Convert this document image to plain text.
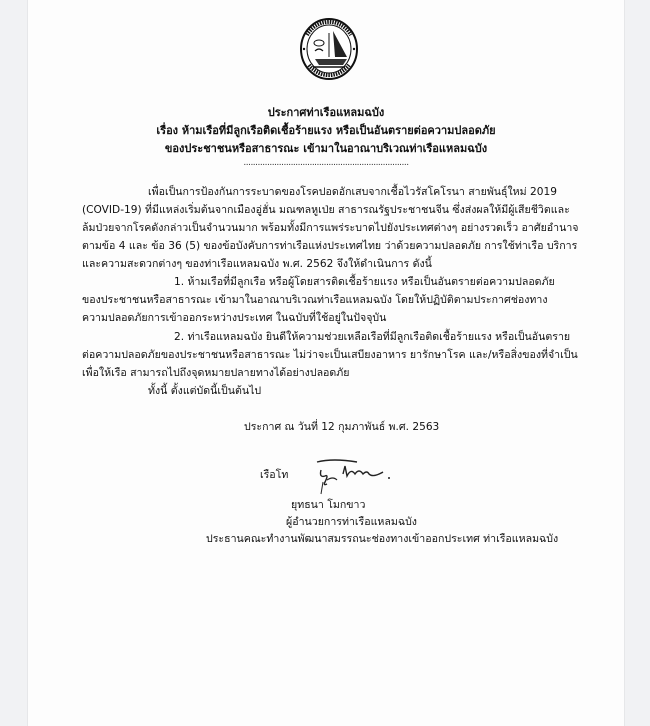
ประกาศท่าเรือแหลมฉบัง
เรื่อง ห้ามเรือที่มีลูกเรือติดเชื้อร้ายแรง หรือเป็นอันตรายต่อความปลอดภัย
ของประชาชนหรือสาธารณะ เข้ามาในอาณาบริเวณท่าเรือแหลมฉบัง
......................................................................
เพื่อเป็นการป้องกันการระบาดของโรคปอดอักเสบจากเชื้อไวรัสโคโรนา สายพันธุ์ใหม่ 2019
(COVID-19) ที่มีแหล่งเริ่มต้นจากเมืองอู่ฮั่น มณฑลหูเป่ย สาธารณรัฐประชาชนจีน ซึ่งส่งผลให้มีผู้เสียชีวิตและ
ล้มป่วยจากโรคดังกล่าวเป็นจำนวนมาก พร้อมทั้งมีการแพร่ระบาดไปยังประเทศต่างๆ อย่างรวดเร็ว อาศัยอำนาจ
ตามข้อ 4 และ ข้อ 36 (5) ของข้อบังคับการท่าเรือแห่งประเทศไทย ว่าด้วยความปลอดภัย การใช้ท่าเรือ บริการ
และความสะดวกต่างๆ ของท่าเรือแหลมฉบัง พ.ศ. 2562 จึงให้ดำเนินการ ดังนี้
1. ห้ามเรือที่มีลูกเรือ หรือผู้โดยสารติดเชื้อร้ายแรง หรือเป็นอันตรายต่อความปลอดภัย
ของประชาชนหรือสาธารณะ เข้ามาในอาณาบริเวณท่าเรือแหลมฉบัง โดยให้ปฏิบัติตามประกาศช่องทาง
ความปลอดภัยการเข้าออกระหว่างประเทศ ในฉบับที่ใช้อยู่ในปัจจุบัน
2. ท่าเรือแหลมฉบัง ยินดีให้ความช่วยเหลือเรือที่มีลูกเรือติดเชื้อร้ายแรง หรือเป็นอันตราย
ต่อความปลอดภัยของประชาชนหรือสาธารณะ ไม่ว่าจะเป็นเสบียงอาหาร ยารักษาโรค และ/หรือสิ่งของที่จำเป็น
เพื่อให้เรือ สามารถไปถึงจุดหมายปลายทางได้อย่างปลอดภัย
ทั้งนี้ ตั้งแต่บัดนี้เป็นต้นไป
ประกาศ ณ วันที่ 12 กุมภาพันธ์ พ.ศ. 2563
เรือโท
ยุทธนา โมกขาว
ผู้อำนวยการท่าเรือแหลมฉบัง
ประธานคณะทำงานพัฒนาสมรรถนะช่องทางเข้าออกประเทศ ท่าเรือแหลมฉบัง
